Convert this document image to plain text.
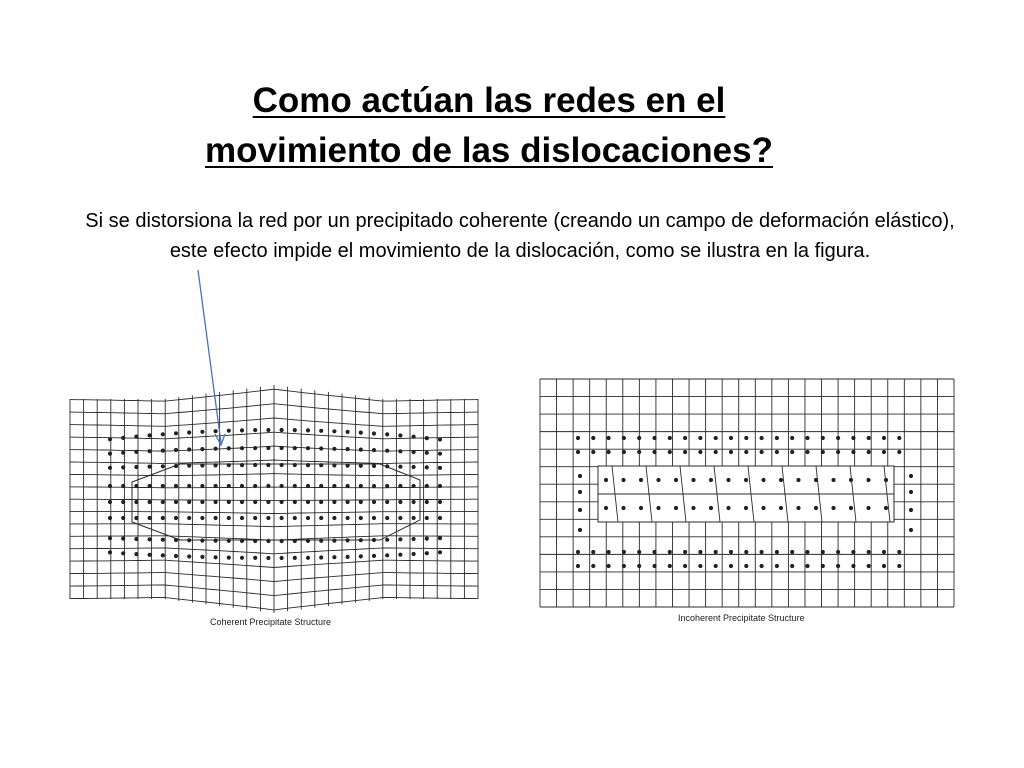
Como actúan las redes en el
movimiento de las dislocaciones?

Si se distorsiona la red por un precipitado coherente (creando un campo de deformación elástico), este efecto impide el movimiento de la dislocación, como se ilustra en la figura.

Coherent Precipitate Structure	Incoherent Precipitate Structure
